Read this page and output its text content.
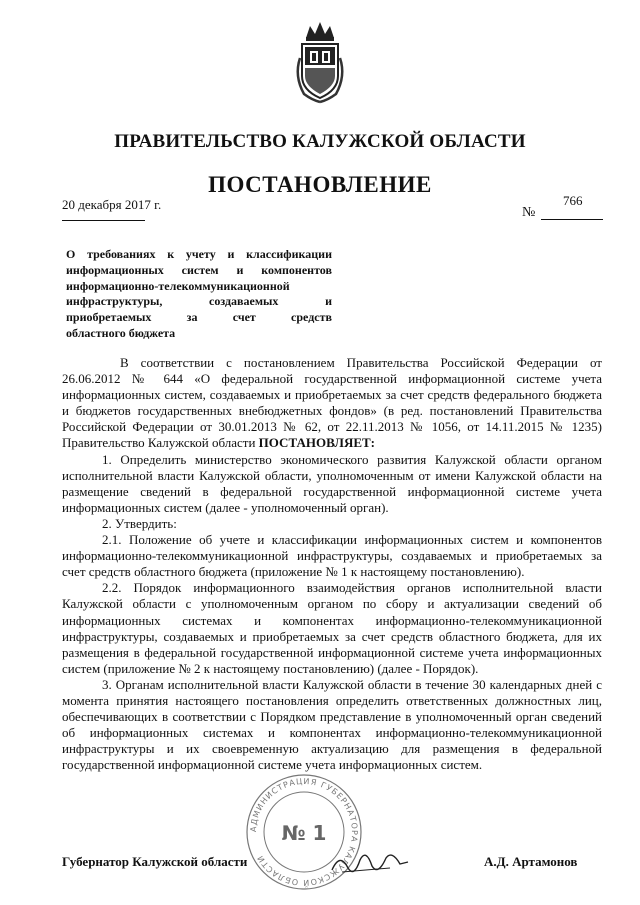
ПРАВИТЕЛЬСТВО КАЛУЖСКОЙ ОБЛАСТИ
ПОСТАНОВЛЕНИЕ
20 декабря 2017 г.
№
766
О требованиях к учету и классификации
информационных систем и компонентов
информационно-телекоммуникационной
инфраструктуры, создаваемых и
приобретаемых за счет средств
областного бюджета

В соответствии с постановлением Правительства Российской Федерации от 26.06.2012 № 644 «О федеральной государственной информационной системе учета информационных систем, создаваемых и приобретаемых за счет средств федерального бюджета и бюджетов государственных внебюджетных фондов» (в ред. постановлений Правительства Российской Федерации от 30.01.2013 № 62, от 22.11.2013 № 1056, от 14.11.2015 № 1235) Правительство Калужской области ПОСТАНОВЛЯЕТ:

1. Определить министерство экономического развития Калужской области органом исполнительной власти Калужской области, уполномоченным от имени Калужской области на размещение сведений в федеральной государственной информационной системе учета информационных систем (далее - уполномоченный орган).

2. Утвердить:

2.1. Положение об учете и классификации информационных систем и компонентов информационно-телекоммуникационной инфраструктуры, создаваемых и приобретаемых за счет средств областного бюджета (приложение № 1 к настоящему постановлению).

2.2. Порядок информационного взаимодействия органов исполнительной власти Калужской области с уполномоченным органом по сбору и актуализации сведений об информационных системах и компонентах информационно-телекоммуникационной инфраструктуры, создаваемых и приобретаемых за счет средств областного бюджета, для их размещения в федеральной государственной информационной системе учета информационных систем (приложение № 2 к настоящему постановлению) (далее - Порядок).

3. Органам исполнительной власти Калужской области в течение 30 календарных дней с момента принятия настоящего постановления определить ответственных должностных лиц, обеспечивающих в соответствии с Порядком представление в уполномоченный орган сведений об информационных системах и компонентах информационно-телекоммуникационной инфраструктуры и их своевременную актуализацию для размещения в федеральной государственной информационной системе учета информационных систем.

АДМИНИСТРАЦИЯ ГУБЕРНАТОРА КАЛУЖСКОЙ ОБЛАСТИ
№ 1
Губернатор Калужской области	А.Д. Артамонов
